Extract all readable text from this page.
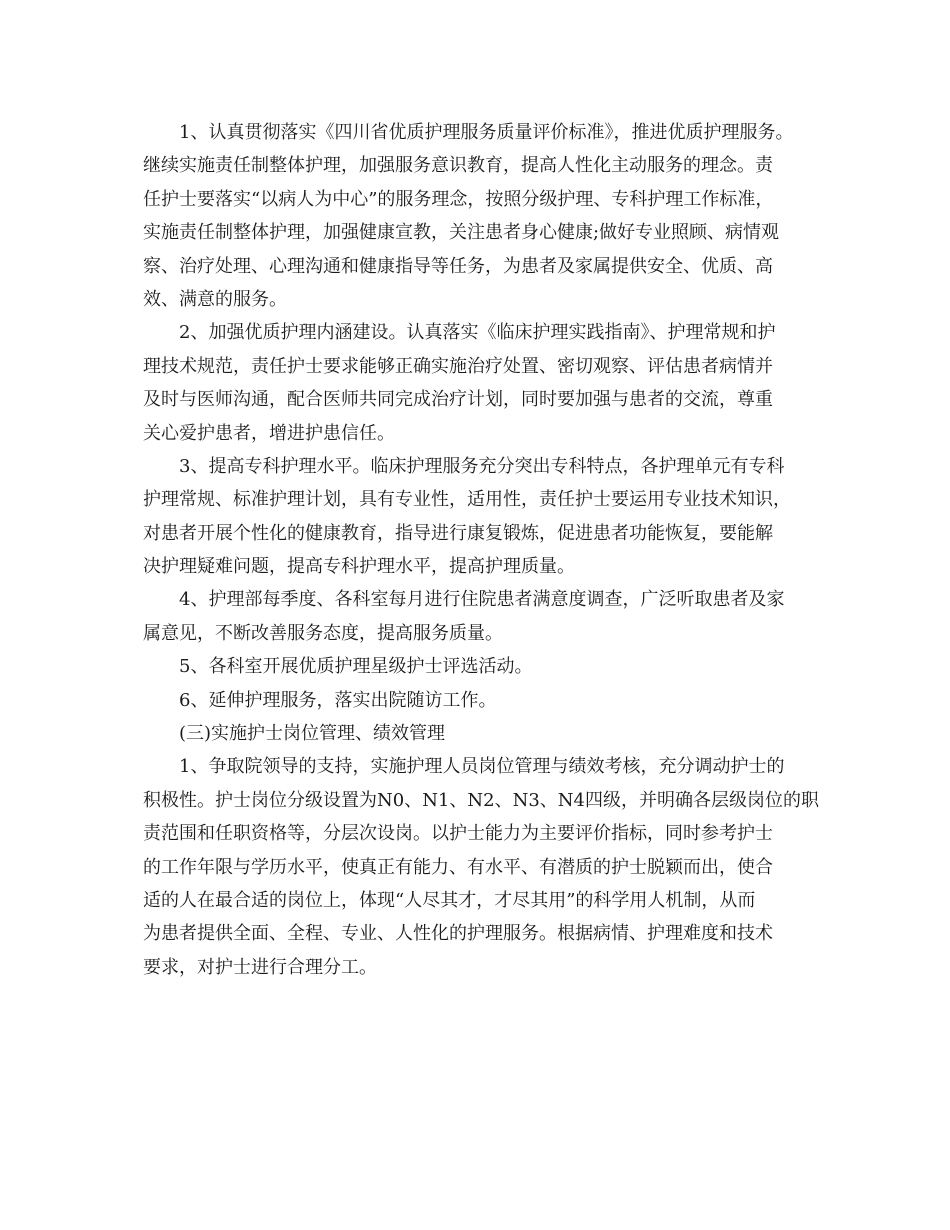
1、认真贯彻落实《四川省优质护理服务质量评价标准》，推进优质护理服务。
继续实施责任制整体护理，加强服务意识教育，提高人性化主动服务的理念。责
任护士要落实“以病人为中心”的服务理念，按照分级护理、专科护理工作标准，
实施责任制整体护理，加强健康宣教，关注患者身心健康;做好专业照顾、病情观
察、治疗处理、心理沟通和健康指导等任务，为患者及家属提供安全、优质、高
效、满意的服务。
2、加强优质护理内涵建设。认真落实《临床护理实践指南》、护理常规和护
理技术规范，责任护士要求能够正确实施治疗处置、密切观察、评估患者病情并
及时与医师沟通，配合医师共同完成治疗计划，同时要加强与患者的交流，尊重
关心爱护患者，增进护患信任。
3、提高专科护理水平。临床护理服务充分突出专科特点，各护理单元有专科
护理常规、标准护理计划，具有专业性，适用性，责任护士要运用专业技术知识，
对患者开展个性化的健康教育，指导进行康复锻炼，促进患者功能恢复，要能解
决护理疑难问题，提高专科护理水平，提高护理质量。
4、护理部每季度、各科室每月进行住院患者满意度调查，广泛听取患者及家
属意见，不断改善服务态度，提高服务质量。
5、各科室开展优质护理星级护士评选活动。
6、延伸护理服务，落实出院随访工作。
(三)实施护士岗位管理、绩效管理
1、争取院领导的支持，实施护理人员岗位管理与绩效考核，充分调动护士的
积极性。护士岗位分级设置为N0、N1、N2、N3、N4四级，并明确各层级岗位的职
责范围和任职资格等，分层次设岗。以护士能力为主要评价指标，同时参考护士
的工作年限与学历水平，使真正有能力、有水平、有潜质的护士脱颖而出，使合
适的人在最合适的岗位上，体现“人尽其才，才尽其用”的科学用人机制，从而
为患者提供全面、全程、专业、人性化的护理服务。根据病情、护理难度和技术
要求，对护士进行合理分工。
